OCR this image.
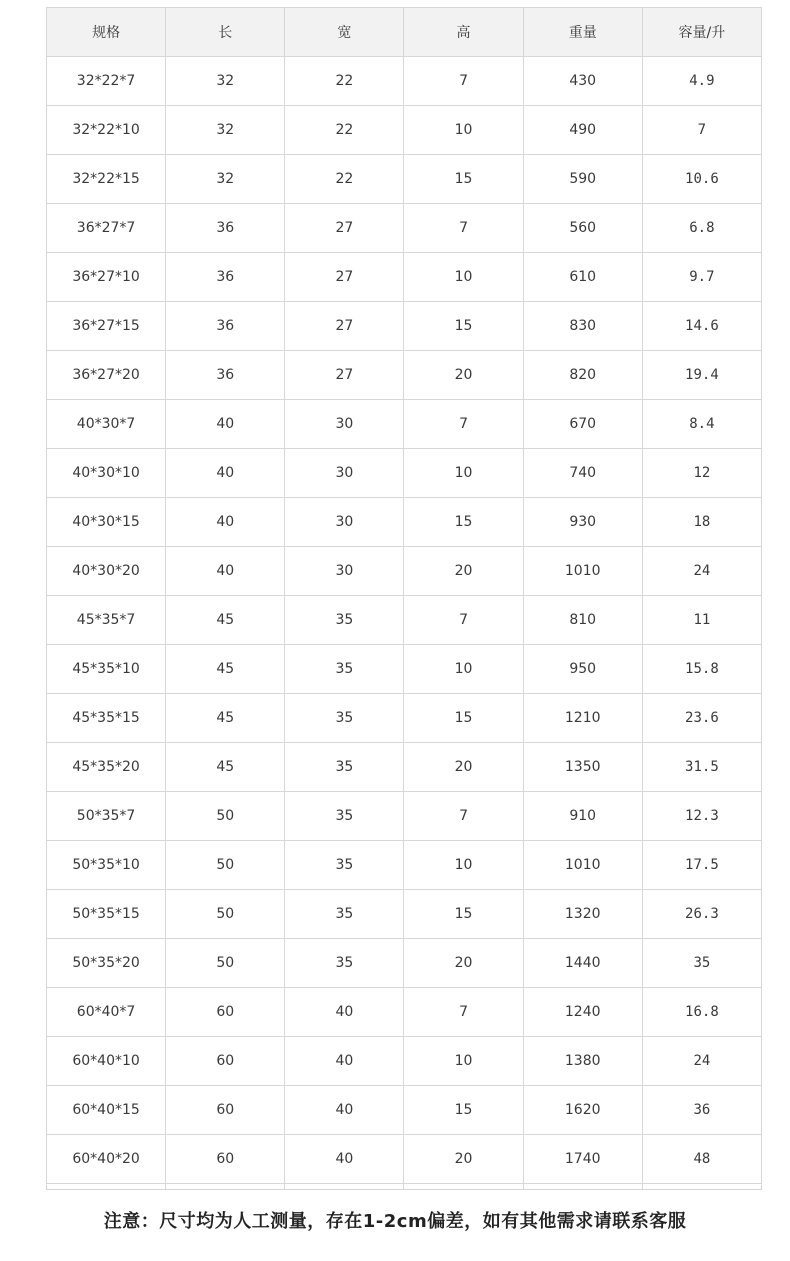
规格	长	宽	高	重量	容量/升
32*22*7	32	22	7	430	4.9
32*22*10	32	22	10	490	7
32*22*15	32	22	15	590	10.6
36*27*7	36	27	7	560	6.8
36*27*10	36	27	10	610	9.7
36*27*15	36	27	15	830	14.6
36*27*20	36	27	20	820	19.4
40*30*7	40	30	7	670	8.4
40*30*10	40	30	10	740	12
40*30*15	40	30	15	930	18
40*30*20	40	30	20	1010	24
45*35*7	45	35	7	810	11
45*35*10	45	35	10	950	15.8
45*35*15	45	35	15	1210	23.6
45*35*20	45	35	20	1350	31.5
50*35*7	50	35	7	910	12.3
50*35*10	50	35	10	1010	17.5
50*35*15	50	35	15	1320	26.3
50*35*20	50	35	20	1440	35
60*40*7	60	40	7	1240	16.8
60*40*10	60	40	10	1380	24
60*40*15	60	40	15	1620	36
60*40*20	60	40	20	1740	48

注意：尺寸均为人工测量，存在1-2cm偏差，如有其他需求请联系客服
